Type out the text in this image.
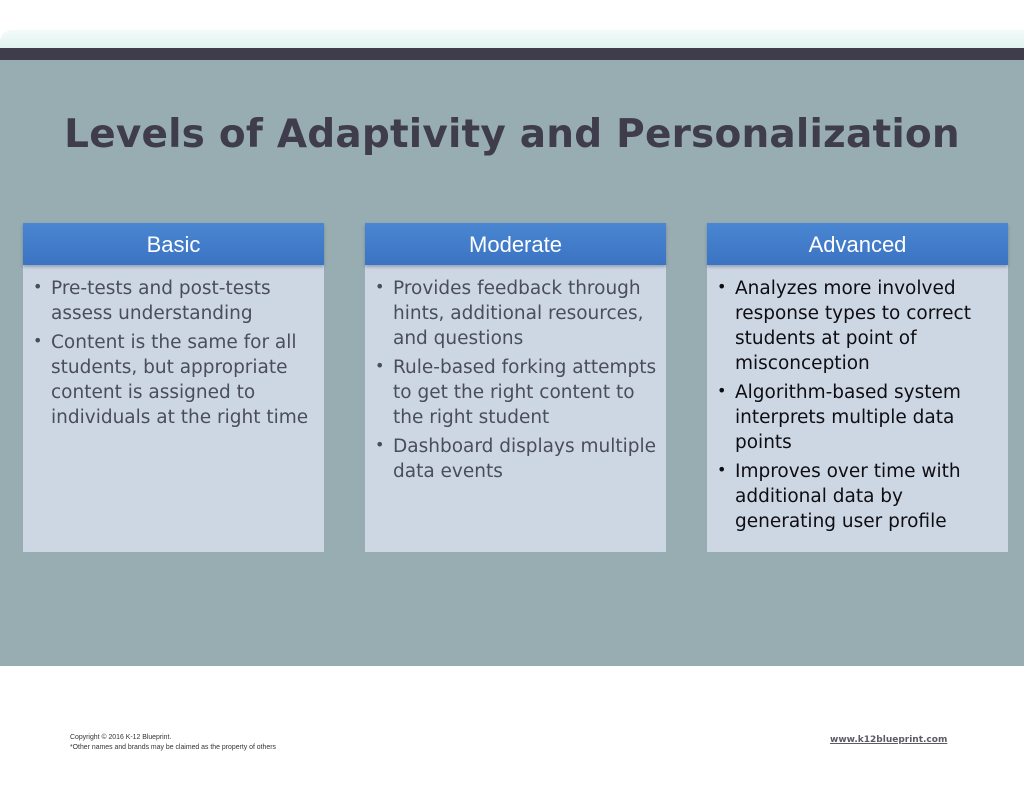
Levels of Adaptivity and Personalization
Basic
• Pre-tests and post-tests assess understanding
• Content is the same for all students, but appropriate content is assigned to individuals at the right time
Moderate
• Provides feedback through hints, additional resources, and questions
• Rule-based forking attempts to get the right content to the right student
• Dashboard displays multiple data events
Advanced
• Analyzes more involved response types to correct students at point of misconception
• Algorithm-based system interprets multiple data points
• Improves over time with additional data by generating user profile
Copyright © 2016 K-12 Blueprint.
*Other names and brands may be claimed as the property of others
www.k12blueprint.com
